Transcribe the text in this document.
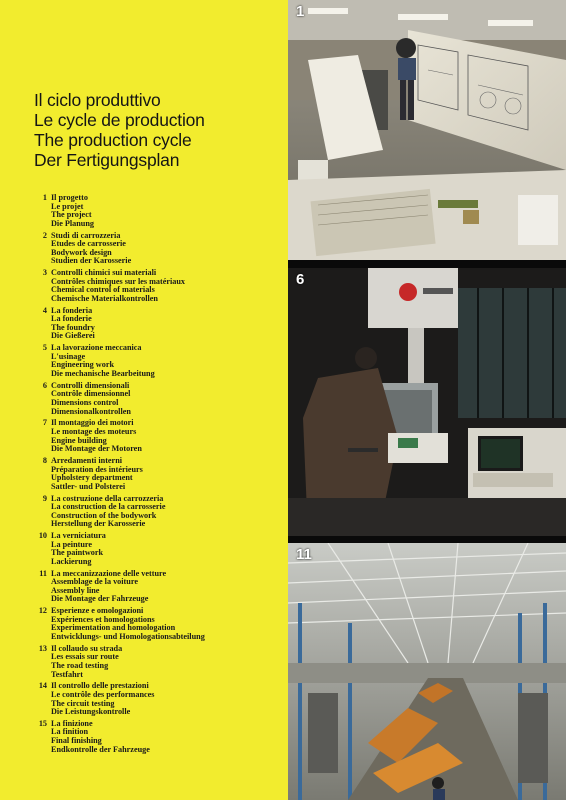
Il ciclo produttivo
Le cycle de production
The production cycle
Der Fertigungsplan
1 Il progetto
Le projet
The project
Die Planung
2 Studi di carrozzeria
Etudes de carrosserie
Bodywork design
Studien der Karosserie
3 Controlli chimici sui materiali
Contrôles chimiques sur les matériaux
Chemical control of materials
Chemische Materialkontrollen
4 La fonderia
La fonderie
The foundry
Die Gießerei
5 La lavorazione meccanica
L'usinage
Engineering work
Die mechanische Bearbeitung
6 Controlli dimensionali
Contrôle dimensionnel
Dimensions control
Dimensionalkontrollen
7 Il montaggio dei motori
Le montage des moteurs
Engine building
Die Montage der Motoren
8 Arredamenti interni
Préparation des intérieurs
Upholstery department
Sattler- und Polsterei
9 La costruzione della carrozzeria
La construction de la carrosserie
Construction of the bodywork
Herstellung der Karosserie
10 La verniciatura
La peinture
The paintwork
Lackierung
11 La meccanizzazione delle vetture
Assemblage de la voiture
Assembly line
Die Montage der Fahrzeuge
12 Esperienze e omologazioni
Expériences et homologations
Experimentation and homologation
Entwicklungs- und Homologationsabteilung
13 Il collaudo su strada
Les essais sur route
The road testing
Testfahrt
14 Il controllo delle prestazioni
Le contrôle des performances
The circuit testing
Die Leistungskontrolle
15 La finizione
La finition
Final finishing
Endkontrolle der Fahrzeuge
1
6
11
